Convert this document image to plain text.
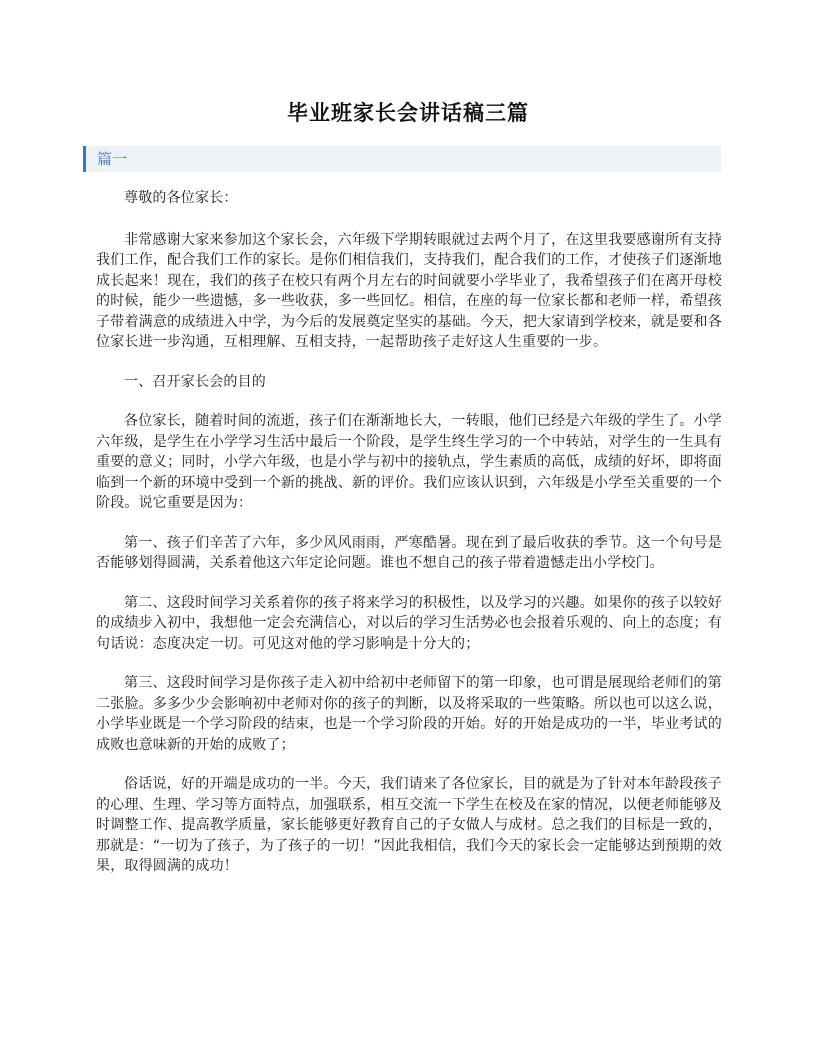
毕业班家长会讲话稿三篇
篇一

尊敬的各位家长：

非常感谢大家来参加这个家长会，六年级下学期转眼就过去两个月了，在这里我要感谢所有支持我们工作，配合我们工作的家长。是你们相信我们，支持我们，配合我们的工作，才使孩子们逐渐地成长起来！现在，我们的孩子在校只有两个月左右的时间就要小学毕业了，我希望孩子们在离开母校的时候，能少一些遗憾，多一些收获，多一些回忆。相信，在座的每一位家长都和老师一样，希望孩子带着满意的成绩进入中学，为今后的发展奠定坚实的基础。今天，把大家请到学校来，就是要和各位家长进一步沟通，互相理解、互相支持，一起帮助孩子走好这人生重要的一步。

一、召开家长会的目的

各位家长，随着时间的流逝，孩子们在渐渐地长大，一转眼，他们已经是六年级的学生了。小学六年级，是学生在小学学习生活中最后一个阶段，是学生终生学习的一个中转站，对学生的一生具有重要的意义；同时，小学六年级，也是小学与初中的接轨点，学生素质的高低，成绩的好坏，即将面临到一个新的环境中受到一个新的挑战、新的评价。我们应该认识到，六年级是小学至关重要的一个阶段。说它重要是因为：

第一、孩子们辛苦了六年，多少风风雨雨，严寒酷暑。现在到了最后收获的季节。这一个句号是否能够划得圆满，关系着他这六年定论问题。谁也不想自己的孩子带着遗憾走出小学校门。

第二、这段时间学习关系着你的孩子将来学习的积极性，以及学习的兴趣。如果你的孩子以较好的成绩步入初中，我想他一定会充满信心，对以后的学习生活势必也会报着乐观的、向上的态度；有句话说：态度决定一切。可见这对他的学习影响是十分大的；

第三、这段时间学习是你孩子走入初中给初中老师留下的第一印象，也可谓是展现给老师们的第二张脸。多多少少会影响初中老师对你的孩子的判断，以及将采取的一些策略。所以也可以这么说，小学毕业既是一个学习阶段的结束，也是一个学习阶段的开始。好的开始是成功的一半，毕业考试的成败也意味新的开始的成败了；

俗话说，好的开端是成功的一半。今天，我们请来了各位家长，目的就是为了针对本年龄段孩子的心理、生理、学习等方面特点，加强联系，相互交流一下学生在校及在家的情况，以便老师能够及时调整工作、提高教学质量，家长能够更好教育自己的子女做人与成材。总之我们的目标是一致的，那就是：“一切为了孩子，为了孩子的一切！”因此我相信，我们今天的家长会一定能够达到预期的效果，取得圆满的成功！
